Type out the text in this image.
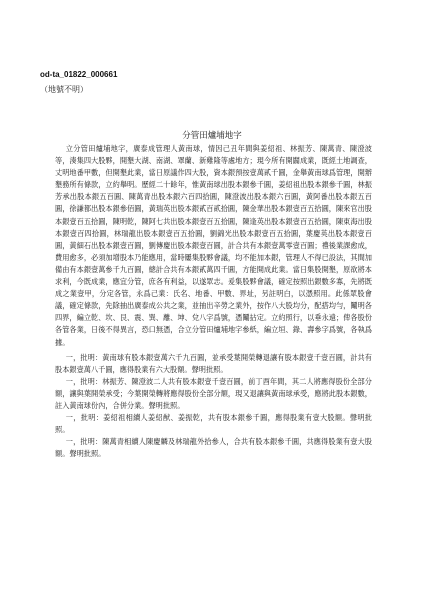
od-ta_01822_000661
（地號不明）
分管田爐埔地字

立分管田爐埔地字，廣泰成管理人黃南球，情因己丑年間與姜紹祖、林振芳、陳萬青、陳澄波等，湊集四大股夥，開墾大湖、南湖、罩蘭、新雞隆等處地方；現今所有開闢成業，既經土地調查，丈明地番甲數，但開墾此業，當日原議作四大股，資本銀預按壹萬貳千圓，金舉黃南球爲管理，開辦墾務所有條款，立約舉明。歷經二十餘年，惟黃南球出股本銀參千圓，姜紹祖出股本銀參千圓，林振芳承出股本銀五百圓、陳萬青出股本銀六百四拾圓，陳澄波出股本銀六百圓，黃阿番出股本銀五百圓，徐謙都出股本銀參佰圓，黃瑞英出股本銀貳百貳拾圓，陳金華出股本銀壹百五拾圓，陳來官出股本銀壹百五拾圓，陳明乾，陳阿七共出股本銀壹百五拾圓，陳逢英出股本銀壹百五拾圓，陳東海出股本銀壹百四拾圓，林瑞龍出股本銀壹百五拾圓，劉錦光出股本銀壹百五拾圓，葉慶英出股本銀壹百圓，黃細石出股本銀壹百圓，劉傳慶出股本銀壹百圓，計合共有本銀壹萬零壹百圓；禮後業課愈成，費用愈多，必須加增股本乃能應用，當時屢集股夥會議，均不能加本銀，管理人不得已設法，其間加備由有本銀壹萬參千九百圓，總計合共有本銀貳萬四千圓，方能開成此業。當日集股開墾，原欲將本求利，今既成業，應宜分管，庶各有利益，以遂眾志。爰集股夥會議，確定按照出銀數多寡，先將既成之業壹甲，分定各管，永爲己業：氏名、地番、甲數、界址，另註明白，以憑照用。此係眾股會議，確定條款，先除抽出廣泰成公共之業，並抽出辛勞之業外，按作八大股均分，配搭均勻，鬮明各四界，編立乾、坎、艮、震、巽、離、坤、兌八字爲號，憑鬮拈定。立約照行，以垂永遠；俾各股份各管各業，日後不得異言，恐口無憑，合立分管田爐埔地字參紙，編立垣、錄、壽參字爲號，各執爲據。

一，批明：黃南球有股本銀壹萬六千九百圓，並承受葉開榮轉退讓有股本銀壹千壹百圓，計共有股本銀壹萬八千圓，應得股業有六大股額。聲明批照。

一，批明：林振芳、陳澄波二人共有股本銀壹千壹百圓，前丁酉年間，其二人將應得股份全部分額，讓與葉開榮承受；今葉開榮轉將應得股份全部分額，現又退讓與黃南球承受，應將此股本銀數，註入黃南球份內，合併分業。聲明批照。

一，批明：姜紹祖相續人姜紹猷、姜振乾，共有股本銀參千圓，應得股業有壹大股額。聲明批照。

一，批明：陳萬青相續人陳慶麟及林瑞龍外拾參人，合共有股本銀參千圓，共應得股業有壹大股額。聲明批照。
